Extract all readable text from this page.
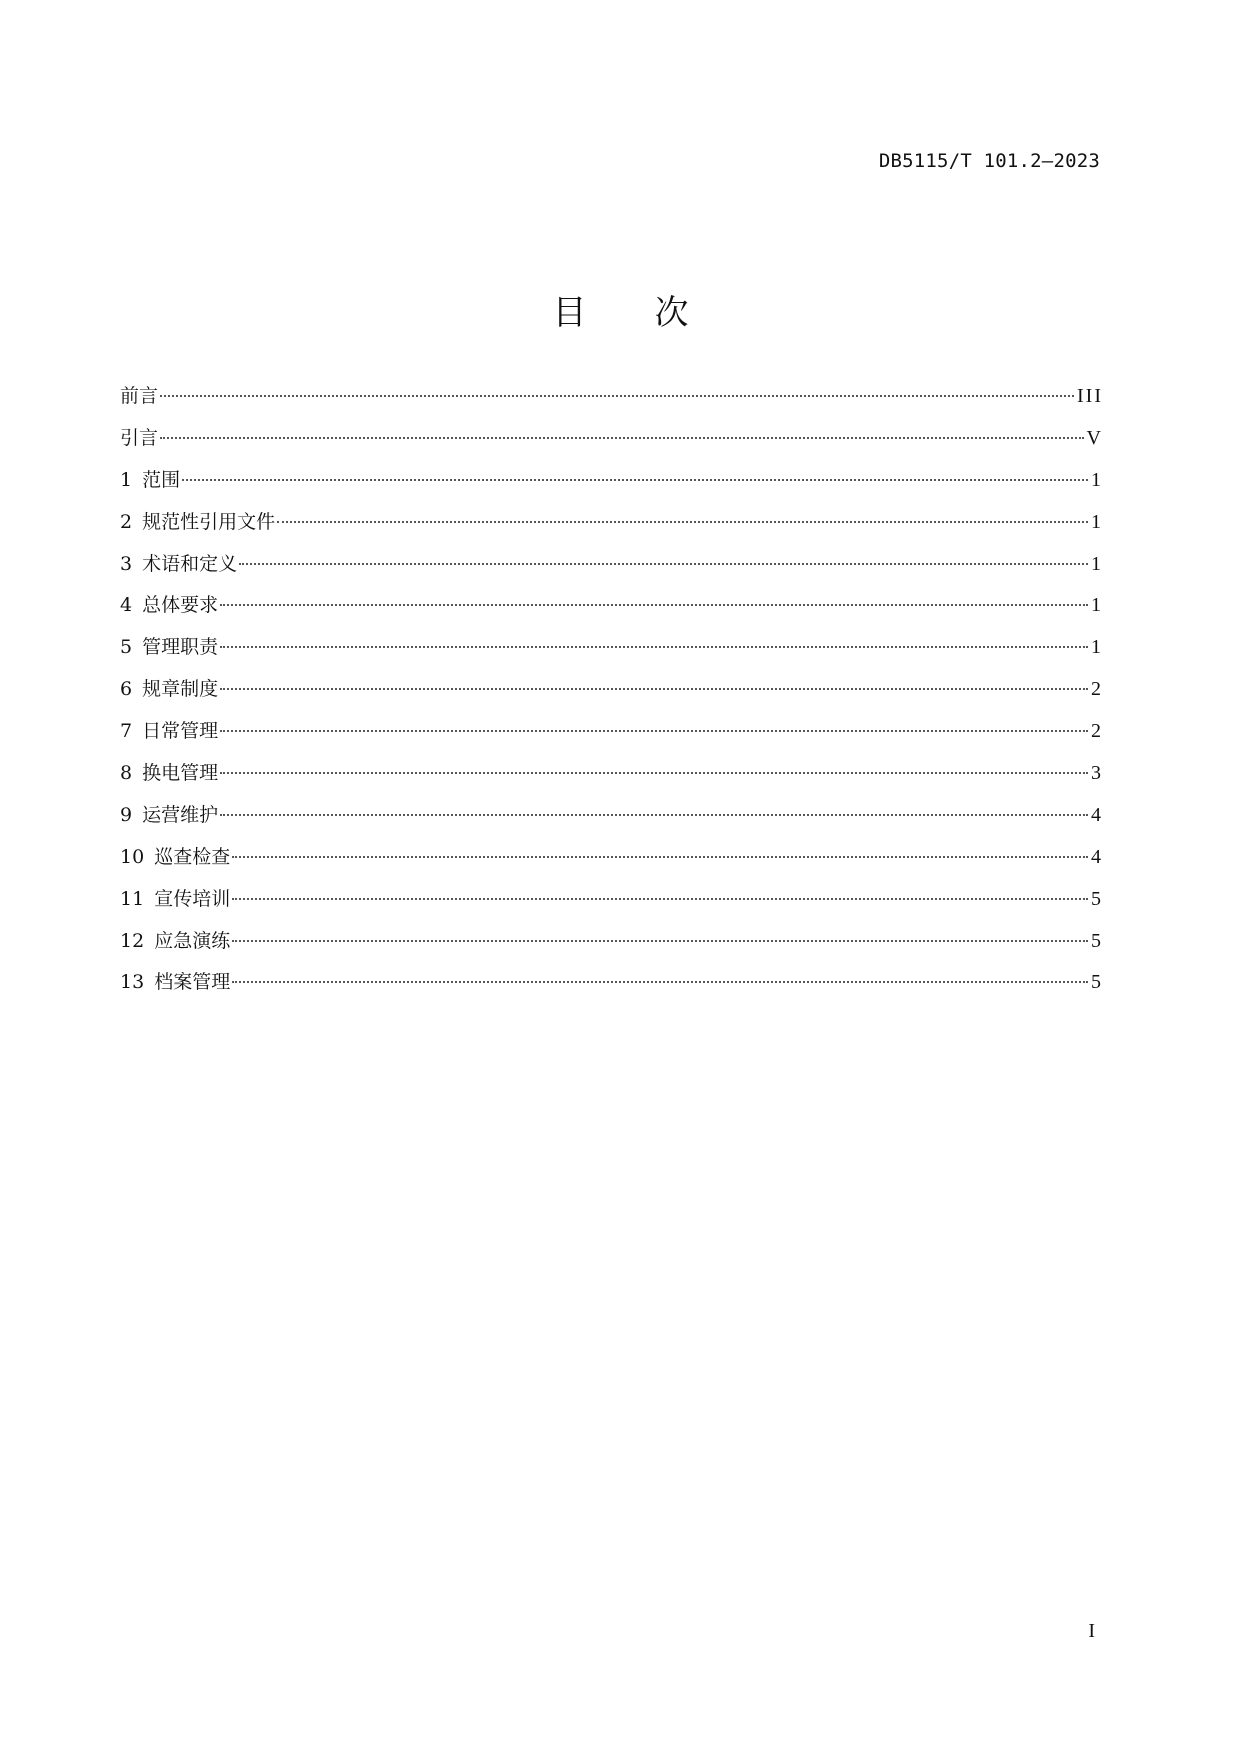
DB5115/T 101.2—2023
目 次
前言	III
引言	V
1 范围	1
2 规范性引用文件	1
3 术语和定义	1
4 总体要求	1
5 管理职责	1
6 规章制度	2
7 日常管理	2
8 换电管理	3
9 运营维护	4
10 巡查检查	4
11 宣传培训	5
12 应急演练	5
13 档案管理	5
I
